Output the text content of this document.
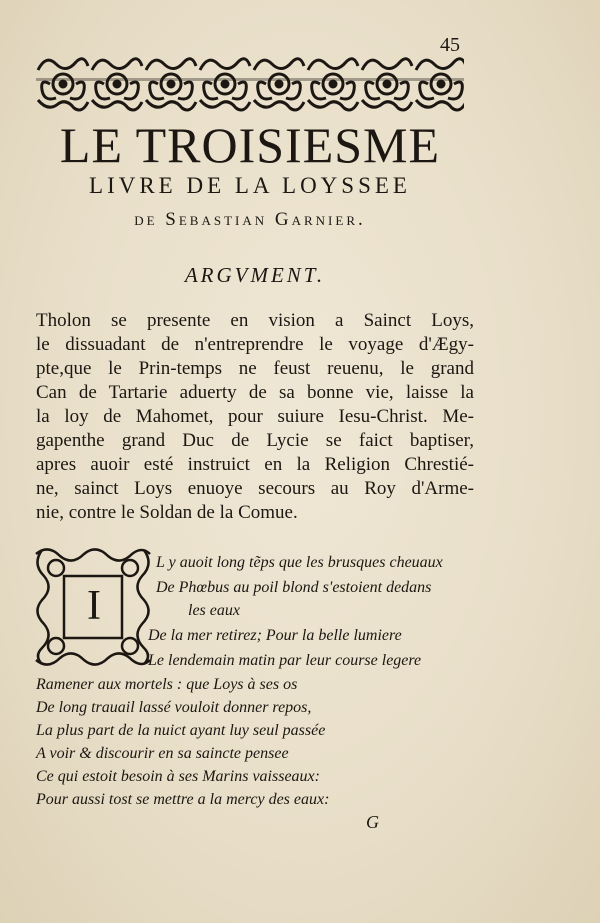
45
LE TROISIESME
LIVRE DE LA LOYSSEE
de Sebastian Garnier.
ARGVMENT.
Tholon se presente en vision a Sainct Loys,
le dissuadant de n'entreprendre le voyage d'Ægy-
pte,que le Prin-temps ne feust reuenu, le grand
Can de Tartarie aduerty de sa bonne vie, laisse la
la loy de Mahomet, pour suiure Iesu-Christ. Me-
gapenthe grand Duc de Lycie se faict baptiser,
apres auoir esté instruict en la Religion Chrestié-
ne, sainct Loys enuoye secours au Roy d'Arme-
nie, contre le Soldan de la Comue.
I
L y auoit long tẽps que les brusques cheuaux
De Phœbus au poil blond s'estoient dedans
les eaux
De la mer retirez; Pour la belle lumiere
Le lendemain matin par leur course legere
Ramener aux mortels : que Loys à ses os
De long trauail lassé vouloit donner repos,
La plus part de la nuict ayant luy seul passée
A voir & discourir en sa saincte pensee
Ce qui estoit besoin à ses Marins vaisseaux:
Pour aussi tost se mettre a la mercy des eaux:
G
